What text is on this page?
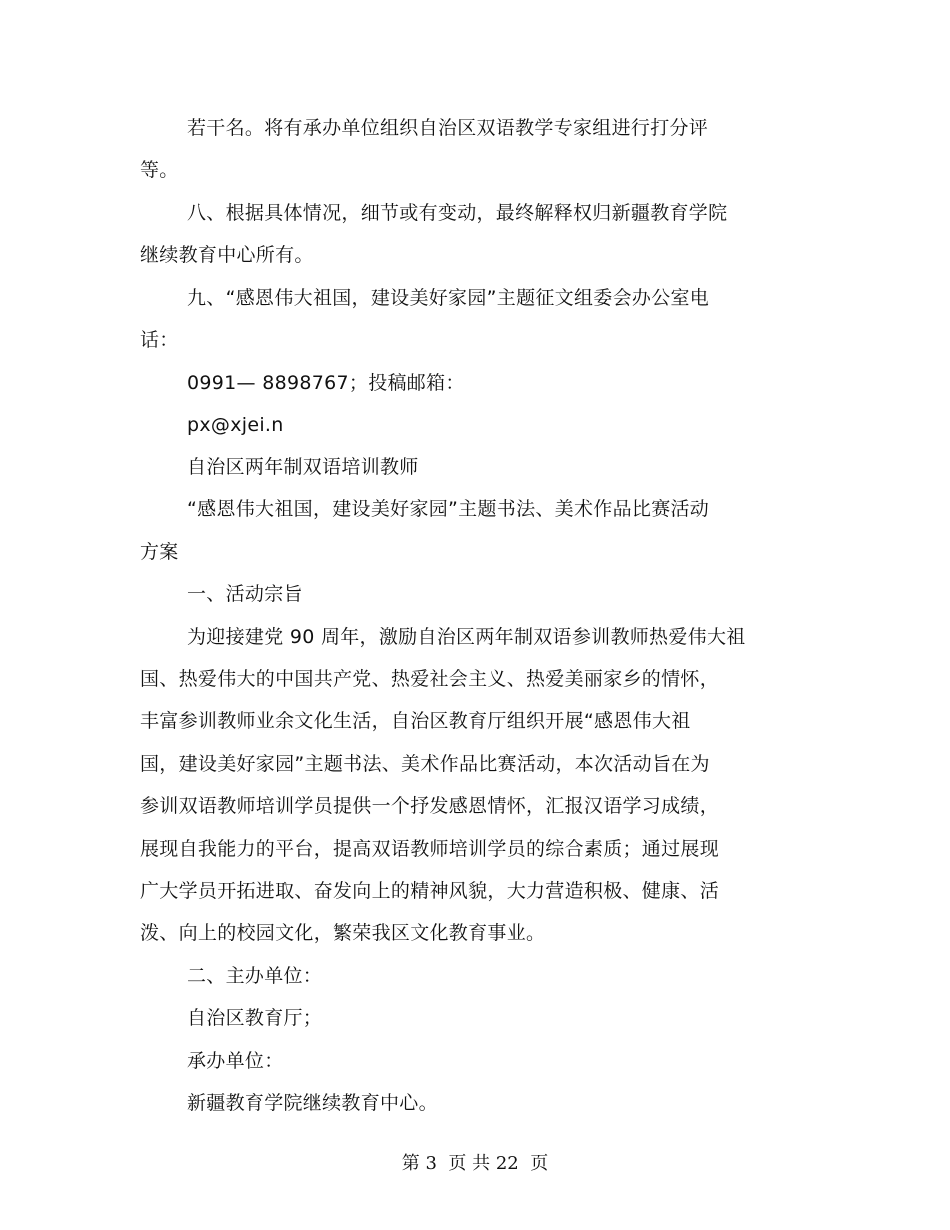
若干名。将有承办单位组织自治区双语教学专家组进行打分评
等。
八、根据具体情况，细节或有变动，最终解释权归新疆教育学院
继续教育中心所有。
九、“感恩伟大祖国，建设美好家园”主题征文组委会办公室电
话：
0991— 8898767；投稿邮箱：
px@xjei.n
自治区两年制双语培训教师
“感恩伟大祖国，建设美好家园”主题书法、美术作品比赛活动
方案
一、活动宗旨
为迎接建党 90 周年，激励自治区两年制双语参训教师热爱伟大祖
国、热爱伟大的中国共产党、热爱社会主义、热爱美丽家乡的情怀，
丰富参训教师业余文化生活，自治区教育厅组织开展“感恩伟大祖
国，建设美好家园”主题书法、美术作品比赛活动，本次活动旨在为
参训双语教师培训学员提供一个抒发感恩情怀，汇报汉语学习成绩，
展现自我能力的平台，提高双语教师培训学员的综合素质；通过展现
广大学员开拓进取、奋发向上的精神风貌，大力营造积极、健康、活
泼、向上的校园文化，繁荣我区文化教育事业。
二、主办单位：
自治区教育厅；
承办单位：
新疆教育学院继续教育中心。
第 3  页 共 22  页
